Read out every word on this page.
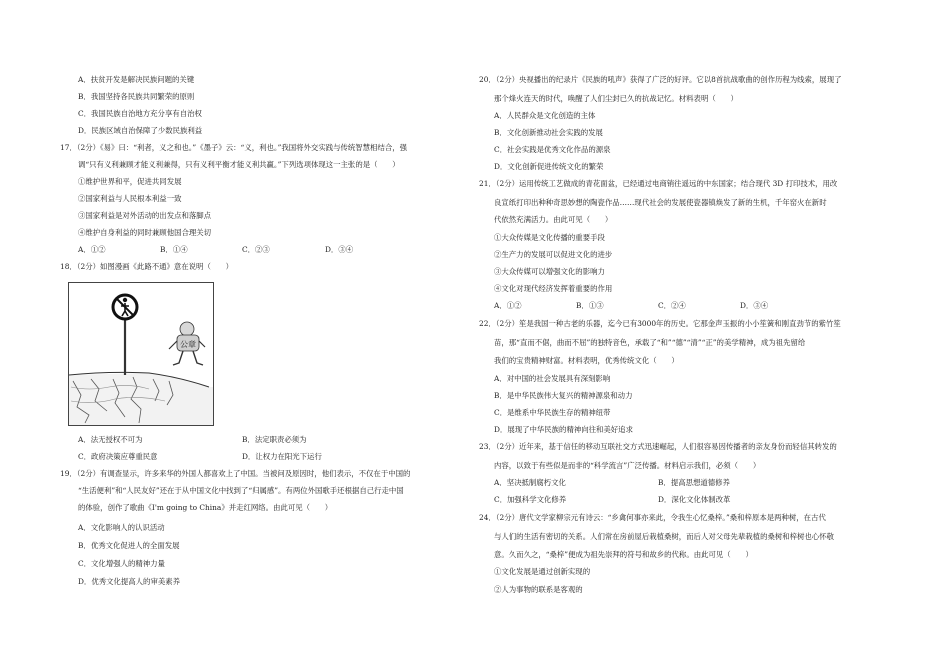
A．扶贫开发是解决民族问题的关键
B．我国坚持各民族共同繁荣的原则
C．我国民族自治地方充分享有自治权
D．民族区域自治保障了少数民族利益
17．（2分）《易》曰：“利者，义之和也。”《墨子》云：“义，利也。”我国将外交实践与传统智慧相结合，强
调“只有义利兼顾才能义利兼得，只有义利平衡才能义利共赢。”下列选项体现这一主张的是（　　）
①维护世界和平，促进共同发展
②国家利益与人民根本利益一致
③国家利益是对外活动的出发点和落脚点
④维护自身利益的同时兼顾他国合理关切
A．①②	B．①④	C．②③	D．③④
18．（2分）如图漫画《此路不通》意在说明（　　）
公章
A．法无授权不可为	B．法定职责必须为
C．政府决策应尊重民意	D．让权力在阳光下运行
19．（2分）有调查显示，许多来华的外国人都喜欢上了中国。当被问及原因时，他们表示，不仅在于中国的
“生活便利”和“人民友好”还在于从中国文化中找到了“归属感”。有两位外国歌手还根据自己行走中国
的体验，创作了歌曲《I'm going to China》并走红网络。由此可见（　　）
A．文化影响人的认识活动
B．优秀文化促进人的全面发展
C．文化增强人的精神力量
D．优秀文化提高人的审美素养
20．（2分）央视播出的纪录片《民族的吼声》获得了广泛的好评。它以8首抗战歌曲的创作历程为线索，展现了
那个烽火连天的时代，唤醒了人们尘封已久的抗战记忆。材料表明（　　）
A．人民群众是文化创造的主体
B．文化创新推动社会实践的发展
C．社会实践是优秀文化作品的源泉
D．文化创新促进传统文化的繁荣
21．（2分）运用传统工艺做成的青花面盆，已经通过电商销往遥远的中东国家；结合现代 3D 打印技术，用改
良宣纸打印出种种奇思妙想的陶瓷作品……现代社会的发展使瓷器镇焕发了新的生机，千年窑火在新时
代依然充满活力。由此可见（　　）
①大众传媒是文化传播的重要手段
②生产力的发展可以促进文化的进步
③大众传媒可以增强文化的影响力
④文化对现代经济发挥着重要的作用
A．①②	B．①③	C．②④	D．③④
22．（2分）笙是我国一种古老的乐器，迄今已有3000年的历史。它那金声玉振的小小笙簧和刚直劲节的紫竹笙
苗，那“直而不倨，曲而不屈”的独特音色，承载了“和”“德”“清”“正”的美学精神，成为祖先留给
我们的宝贵精神财富。材料表明，优秀传统文化（　　）
A．对中国的社会发展具有深刻影响
B．是中华民族伟大复兴的精神源泉和动力
C．是维系中华民族生存的精神纽带
D．展现了中华民族的精神向往和美好追求
23．（2分）近年来，基于信任的移动互联社交方式迅速崛起，人们很容易因传播者的亲友身份而轻信其转发的
内容，以致于有些似是而非的“科学流言”广泛传播。材料启示我们，必须（　　）
A．坚决抵制腐朽文化	B．提高思想道德修养
C．加强科学文化修养	D．深化文化体制改革
24．（2分）唐代文学家柳宗元有诗云：“乡禽何事亦来此，令我生心忆桑梓。”桑和梓原本是两种树，在古代
与人们的生活有密切的关系。人们常在房前屋后栽植桑树，而后人对父母先辈栽植的桑树和梓树也心怀敬
意。久而久之，“桑梓”便成为祖先崇拜的符号和故乡的代称。由此可见（　　）
①文化发展是通过创新实现的
②人为事物的联系是客观的
